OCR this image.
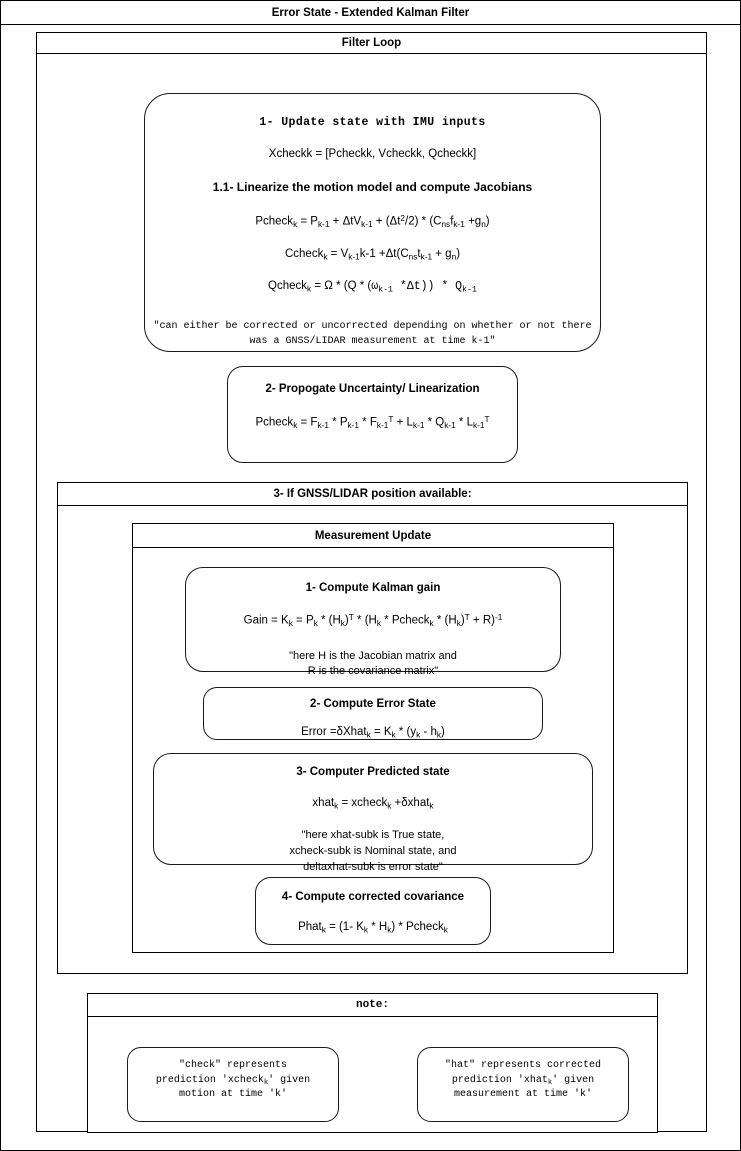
Error State - Extended Kalman Filter
Filter Loop
1- Update state with IMU inputs
Xcheckk = [Pcheckk, Vcheckk, Qcheckk]
1.1- Linearize the motion model and compute Jacobians
Pcheck$_k$ = $P_{k-1} + \Delta tV_{k-1} + (\Delta t^2/2) * (C_{ns}f_{k-1} +g_n)$
Ccheck$_k$ = $V_{k-1}k-1 +\Delta t(C_{ns}t_{k-1} + g_n)$
Qcheck$_k$ = Ω * ($Q * (\omega_{k-1}$ $*\Delta t)) * Q_{k-1}$
"can either be corrected or uncorrected depending on whether or not there
was a GNSS/LIDAR measurement at time k-1"
2- Propogate Uncertainty/ Linearization
Pcheck$_k$ = $F_{k-1} * P_{k-1} * F_{k-1}^T + L_{k-1} * Q_{k-1} * L_{k-1}^T$
3- If GNSS/LIDAR position available:
Measurement Update
1- Compute Kalman gain
Gain = $K_k = P_k * (H_k)^T * (H_k$ * Pcheck$_k$ * $(H_k)^T + R)^{-1}$
"here H is the Jacobian matrix and
R is the covariance matrix"
2- Compute Error State
Error =δXhat$_k$ = $K_k * (y_k - h_k)$
3- Computer Predicted state
xhat$_k$ = xcheck$_k$ +δxhat$_k$
"here xhat-subk is True state,
xcheck-subk is Nominal state, and
deltaxhat-subk is error state"
4- Compute corrected covariance
Phat$_k$ = (1- $K_k * H_k$) * Pcheck$_k$
note:
"check" represents
prediction 'xcheck$_k$' given
motion at time 'k'
"hat" represents corrected
prediction 'xhat$_k$' given
measurement at time 'k'
